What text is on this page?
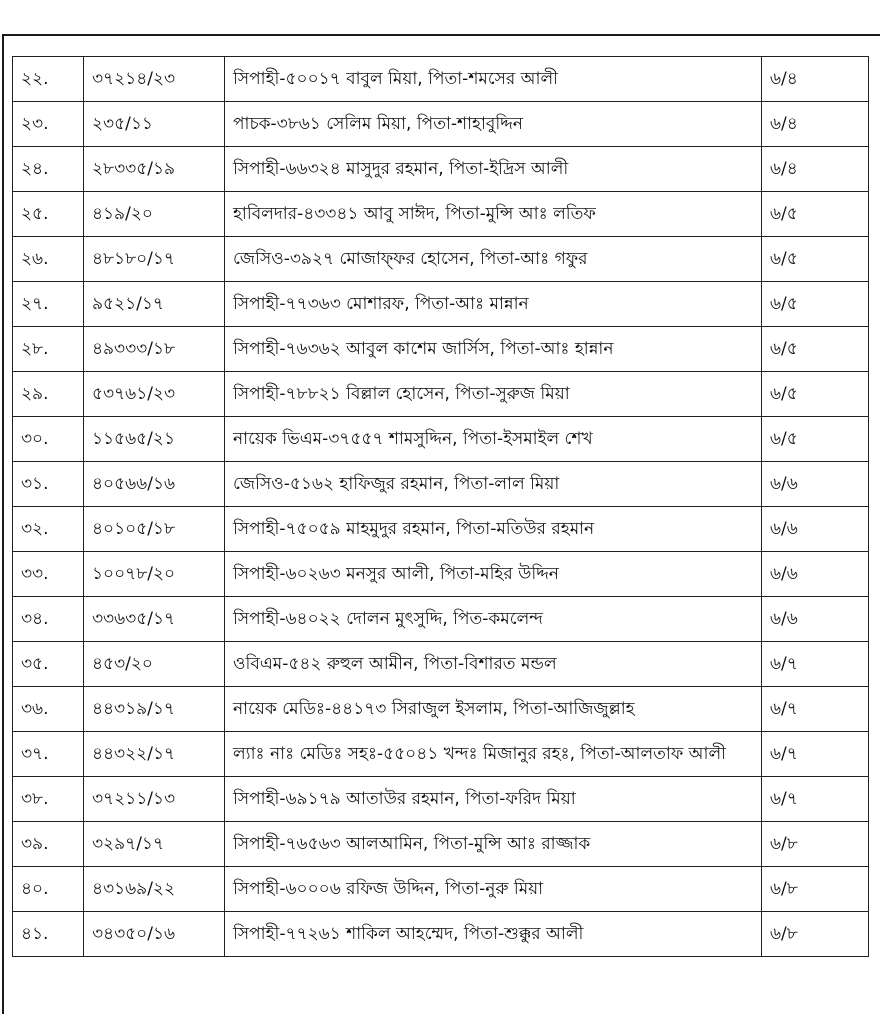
২২.	৩৭২১৪/২৩	সিপাহী-৫০০১৭ বাবুল মিয়া, পিতা-শমসের আলী	৬/৪
২৩.	২৩৫/১১	পাচক-৩৮৬১ সেলিম মিয়া, পিতা-শাহাবুদ্দিন	৬/৪
২৪.	২৮৩৩৫/১৯	সিপাহী-৬৬৩২৪ মাসুদুর রহমান, পিতা-ইদ্রিস আলী	৬/৪
২৫.	৪১৯/২০	হাবিলদার-৪৩৩৪১ আবু সাঈদ, পিতা-মুন্সি আঃ লতিফ	৬/৫
২৬.	৪৮১৮০/১৭	জেসিও-৩৯২৭ মোজাফ্ফর হোসেন, পিতা-আঃ গফুর	৬/৫
২৭.	৯৫২১/১৭	সিপাহী-৭৭৩৬৩ মোশারফ, পিতা-আঃ মান্নান	৬/৫
২৮.	৪৯৩৩৩/১৮	সিপাহী-৭৬৩৬২ আবুল কাশেম জার্সিস, পিতা-আঃ হান্নান	৬/৫
২৯.	৫৩৭৬১/২৩	সিপাহী-৭৮৮২১ বিল্লাল হোসেন, পিতা-সুরুজ মিয়া	৬/৫
৩০.	১১৫৬৫/২১	নায়েক ভিএম-৩৭৫৫৭ শামসুদ্দিন, পিতা-ইসমাইল শেখ	৬/৫
৩১.	৪০৫৬৬/১৬	জেসিও-৫১৬২ হাফিজুর রহমান, পিতা-লাল মিয়া	৬/৬
৩২.	৪০১০৫/১৮	সিপাহী-৭৫০৫৯ মাহমুদুর রহমান, পিতা-মতিউর রহমান	৬/৬
৩৩.	১০০৭৮/২০	সিপাহী-৬০২৬৩ মনসুর আলী, পিতা-মহির উদ্দিন	৬/৬
৩৪.	৩৩৬৩৫/১৭	সিপাহী-৬৪০২২ দোলন মুৎসুদ্দি, পিত-কমলেন্দ	৬/৬
৩৫.	৪৫৩/২০	ওবিএম-৫৪২ রুহুল আমীন, পিতা-বিশারত মন্ডল	৬/৭
৩৬.	৪৪৩১৯/১৭	নায়েক মেডিঃ-৪৪১৭৩ সিরাজুল ইসলাম, পিতা-আজিজুল্লাহ	৬/৭
৩৭.	৪৪৩২২/১৭	ল্যাঃ নাঃ মেডিঃ সহঃ-৫৫০৪১ খন্দঃ মিজানুর রহঃ, পিতা-আলতাফ আলী	৬/৭
৩৮.	৩৭২১১/১৩	সিপাহী-৬৯১৭৯ আতাউর রহমান, পিতা-ফরিদ মিয়া	৬/৭
৩৯.	৩২৯৭/১৭	সিপাহী-৭৬৫৬৩ আলআমিন, পিতা-মুন্সি আঃ রাজ্জাক	৬/৮
৪০.	৪৩১৬৯/২২	সিপাহী-৬০০০৬ রফিজ উদ্দিন, পিতা-নুরু মিয়া	৬/৮
৪১.	৩৪৩৫০/১৬	সিপাহী-৭৭২৬১ শাকিল আহম্মেদ, পিতা-শুক্কুর আলী	৬/৮
